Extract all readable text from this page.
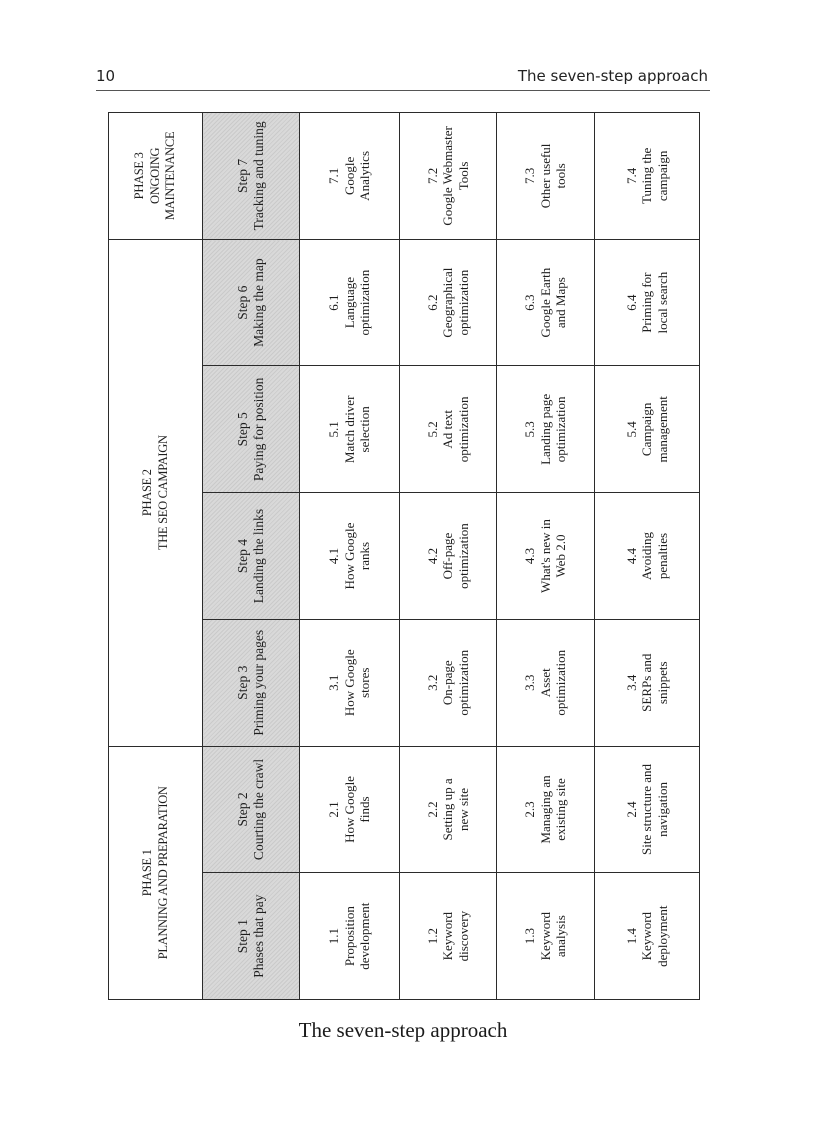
10	The seven-step approach
PHASE 1 PLANNING AND PREPARATION		PHASE 2 THE SEO CAMPAIGN				PHASE 3 ONGOING MAINTENANCE

Step 1 Phases that pay	Step 2 Courting the crawl	Step 3 Priming your pages	Step 4 Landing the links	Step 5 Paying for position	Step 6 Making the map	Step 7 Tracking and tuning

1.1 Proposition development	2.1 How Google finds	3.1 How Google stores	4.1 How Google ranks	5.1 Match driver selection	6.1 Language optimization	7.1 Google Analytics

1.2 Keyword discovery	2.2 Setting up a new site	3.2 On-page optimization	4.2 Off-page optimization	5.2 Ad text optimization	6.2 Geographical optimization	7.2 Google Webmaster Tools

1.3 Keyword analysis	2.3 Managing an existing site	3.3 Asset optimization	4.3 What's new in Web 2.0	5.3 Landing page optimization	6.3 Google Earth and Maps	7.3 Other useful tools

1.4 Keyword deployment	2.4 Site structure and navigation	3.4 SERPs and snippets	4.4 Avoiding penalties	5.4 Campaign management	6.4 Priming for local search	7.4 Tuning the campaign
The seven-step approach
